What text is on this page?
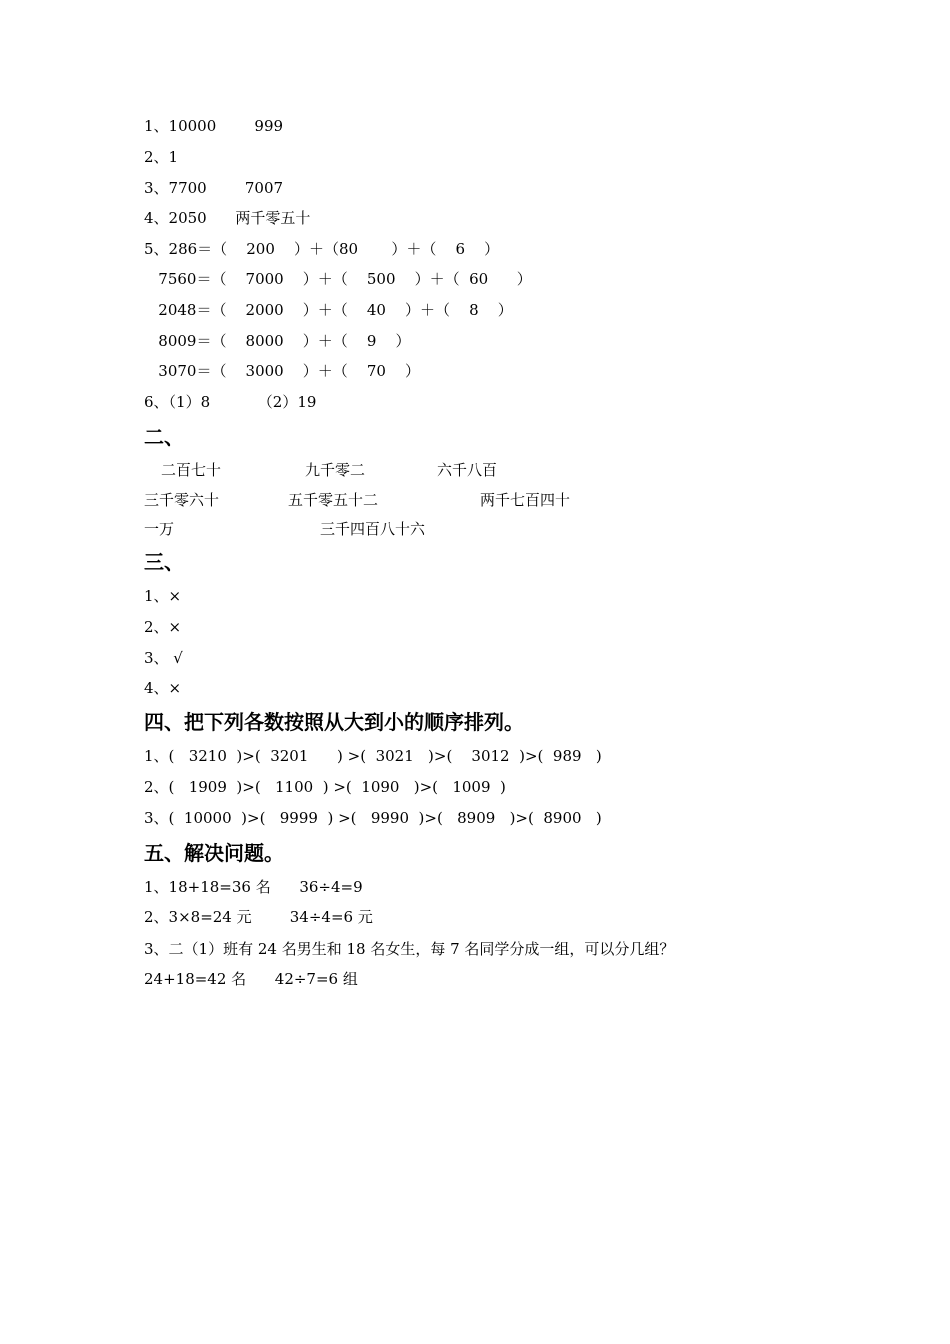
1、10000        999

2、1

3、7700        7007

4、2050      两千零五十

5、286＝（    200    ）＋（80       ）＋（    6    ）

7560＝（    7000    ）＋（    500    ）＋（  60      ）

2048＝（    2000    ）＋（    40    ）＋（    8    ）

8009＝（    8000    ）＋（    9    ）

3070＝（    3000    ）＋（    70    ）

6、（1）8          （2）19

二、

二百七十	九千零二	六千八百

三千零六十	五千零五十二	两千七百四十

一万	三千四百八十六

三、

1、×

2、×

3、 √

4、×

四、把下列各数按照从大到小的顺序排列。

1、(   3210  )>(  3201      ) >(  3021   )>(    3012  )>(  989   )

2、(   1909  )>(   1100  ) >(  1090   )>(   1009  )

3、(  10000  )>(   9999  ) >(   9990  )>(   8909   )>(  8900   )

五、解决问题。

1、18+18=36 名      36÷4=9

2、3×8=24 元        34÷4=6 元

3、二（1）班有 24 名男生和 18 名女生，每 7 名同学分成一组，可以分几组？

24+18=42 名      42÷7=6 组
